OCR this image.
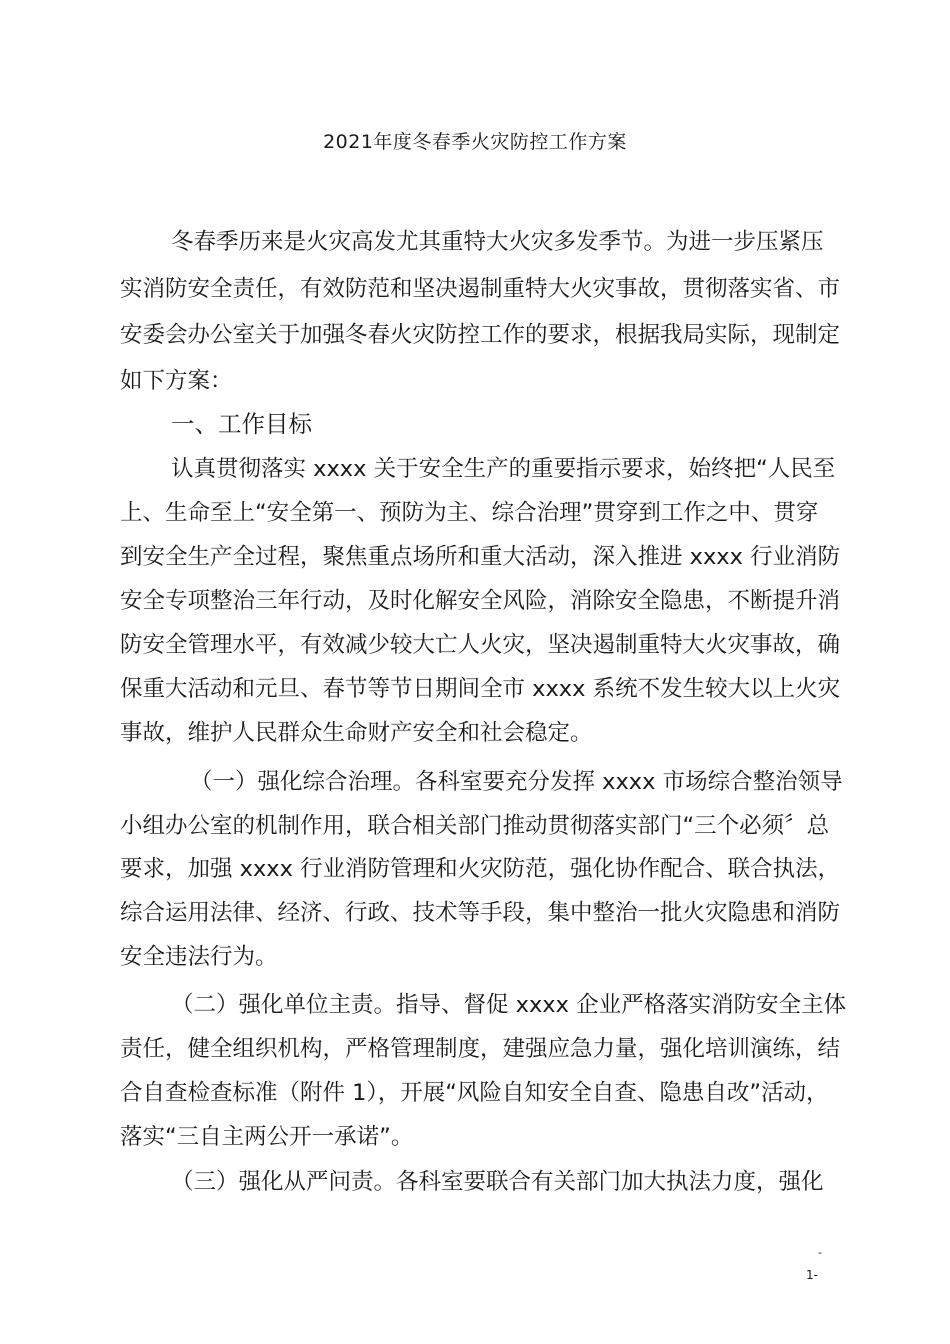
2021年度冬春季火灾防控工作方案
冬春季历来是火灾高发尤其重特大火灾多发季节。为进一步压紧压
实消防安全责任，有效防范和坚决遏制重特大火灾事故，贯彻落实省、市
安委会办公室关于加强冬春火灾防控工作的要求，根据我局实际，现制定
如下方案：
一、工作目标
认真贯彻落实 xxxx 关于安全生产的重要指示要求，始终把“人民至
上、生命至上“安全第一、预防为主、综合治理”贯穿到工作之中、贯穿
到安全生产全过程，聚焦重点场所和重大活动，深入推进 xxxx 行业消防
安全专项整治三年行动，及时化解安全风险，消除安全隐患，不断提升消
防安全管理水平，有效减少较大亡人火灾，坚决遏制重特大火灾事故，确
保重大活动和元旦、春节等节日期间全市 xxxx 系统不发生较大以上火灾
事故，维护人民群众生命财产安全和社会稳定。
（一）强化综合治理。各科室要充分发挥 xxxx 市场综合整治领导
小组办公室的机制作用，联合相关部门推动贯彻落实部门“三个必须〞总
要求，加强 xxxx 行业消防管理和火灾防范，强化协作配合、联合执法，
综合运用法律、经济、行政、技术等手段，集中整治一批火灾隐患和消防
安全违法行为。
（二）强化单位主责。指导、督促 xxxx 企业严格落实消防安全主体
责任，健全组织机构，严格管理制度，建强应急力量，强化培训演练，结
合自查检查标准（附件 1），开展“风险自知安全自查、隐患自改”活动，
落实“三自主两公开一承诺”。
（三）强化从严问责。各科室要联合有关部门加大执法力度，强化
-
1-
